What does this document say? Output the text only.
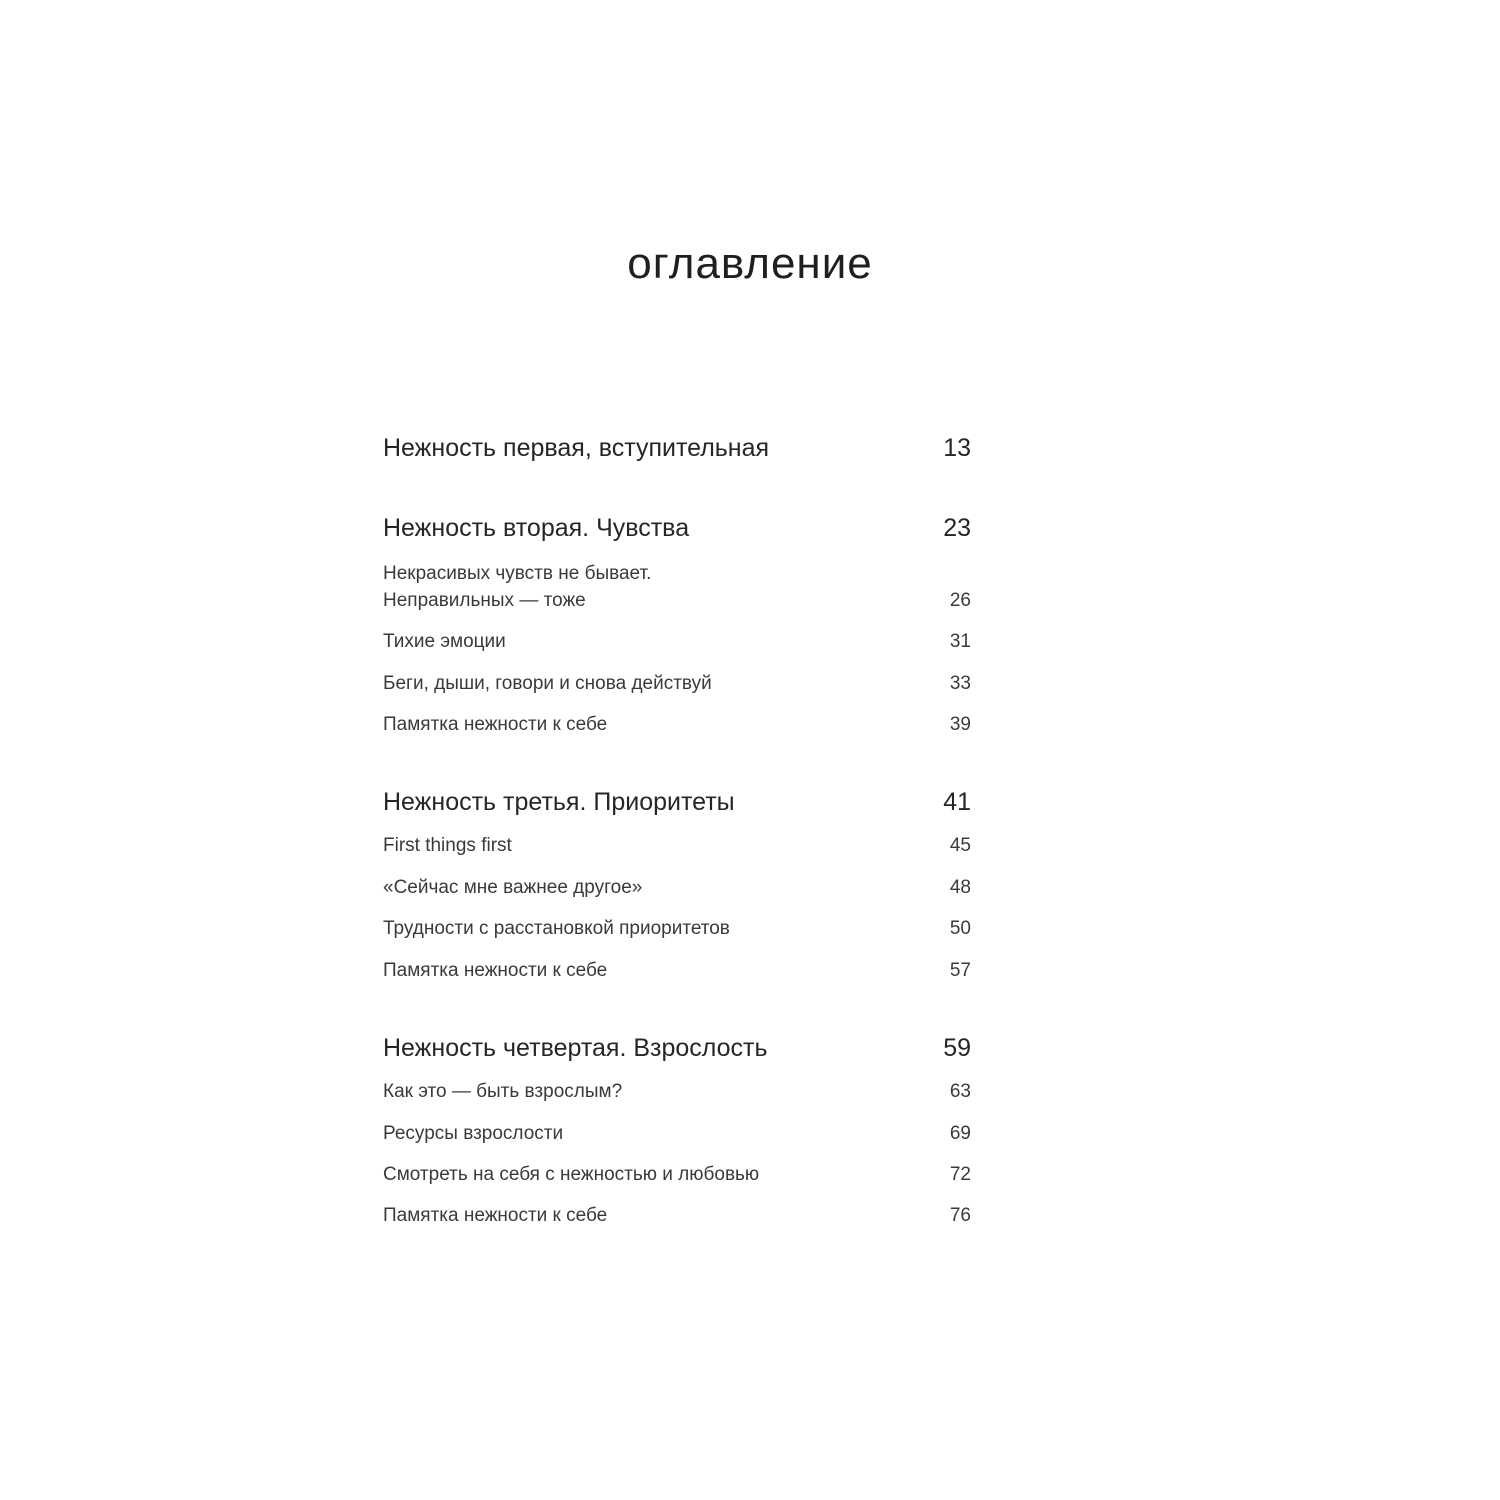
оглавление
Нежность первая, вступительная	13
Нежность вторая. Чувства	23
Некрасивых чувств не бывает.
Неправильных — тоже	26
Тихие эмоции	31
Беги, дыши, говори и снова действуй	33
Памятка нежности к себе	39
Нежность третья. Приоритеты	41
First things first	45
«Сейчас мне важнее другое»	48
Трудности с расстановкой приоритетов	50
Памятка нежности к себе	57
Нежность четвертая. Взрослость	59
Как это — быть взрослым?	63
Ресурсы взрослости	69
Смотреть на себя с нежностью и любовью	72
Памятка нежности к себе	76
